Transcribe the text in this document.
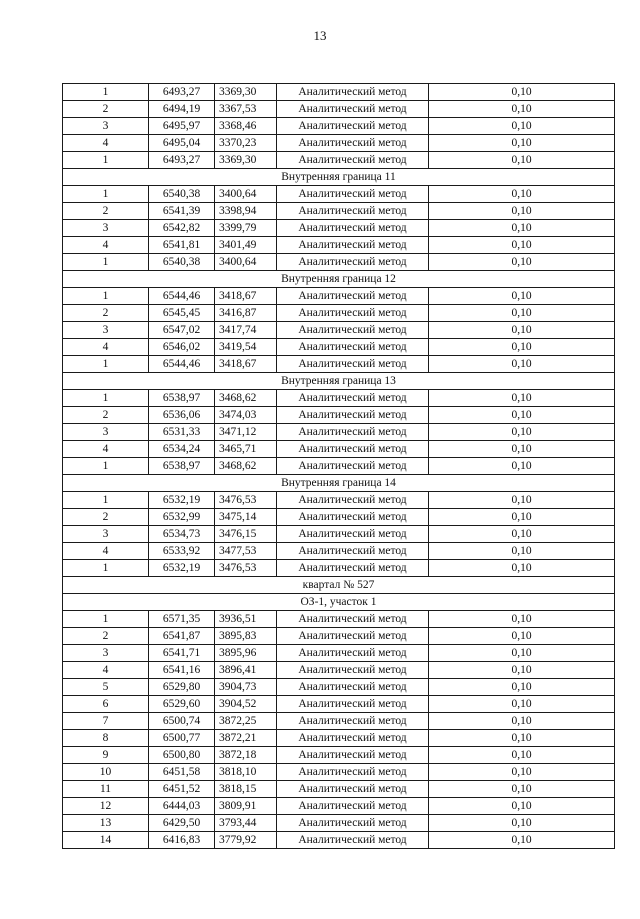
13
1	6493,27	3369,30	Аналитический метод	0,10
2	6494,19	3367,53	Аналитический метод	0,10
3	6495,97	3368,46	Аналитический метод	0,10
4	6495,04	3370,23	Аналитический метод	0,10
1	6493,27	3369,30	Аналитический метод	0,10
Внутренняя граница 11				
1	6540,38	3400,64	Аналитический метод	0,10
2	6541,39	3398,94	Аналитический метод	0,10
3	6542,82	3399,79	Аналитический метод	0,10
4	6541,81	3401,49	Аналитический метод	0,10
1	6540,38	3400,64	Аналитический метод	0,10
Внутренняя граница 12				
1	6544,46	3418,67	Аналитический метод	0,10
2	6545,45	3416,87	Аналитический метод	0,10
3	6547,02	3417,74	Аналитический метод	0,10
4	6546,02	3419,54	Аналитический метод	0,10
1	6544,46	3418,67	Аналитический метод	0,10
Внутренняя граница 13				
1	6538,97	3468,62	Аналитический метод	0,10
2	6536,06	3474,03	Аналитический метод	0,10
3	6531,33	3471,12	Аналитический метод	0,10
4	6534,24	3465,71	Аналитический метод	0,10
1	6538,97	3468,62	Аналитический метод	0,10
Внутренняя граница 14				
1	6532,19	3476,53	Аналитический метод	0,10
2	6532,99	3475,14	Аналитический метод	0,10
3	6534,73	3476,15	Аналитический метод	0,10
4	6533,92	3477,53	Аналитический метод	0,10
1	6532,19	3476,53	Аналитический метод	0,10
квартал № 527				
ОЗ-1, участок 1				
1	6571,35	3936,51	Аналитический метод	0,10
2	6541,87	3895,83	Аналитический метод	0,10
3	6541,71	3895,96	Аналитический метод	0,10
4	6541,16	3896,41	Аналитический метод	0,10
5	6529,80	3904,73	Аналитический метод	0,10
6	6529,60	3904,52	Аналитический метод	0,10
7	6500,74	3872,25	Аналитический метод	0,10
8	6500,77	3872,21	Аналитический метод	0,10
9	6500,80	3872,18	Аналитический метод	0,10
10	6451,58	3818,10	Аналитический метод	0,10
11	6451,52	3818,15	Аналитический метод	0,10
12	6444,03	3809,91	Аналитический метод	0,10
13	6429,50	3793,44	Аналитический метод	0,10
14	6416,83	3779,92	Аналитический метод	0,10
